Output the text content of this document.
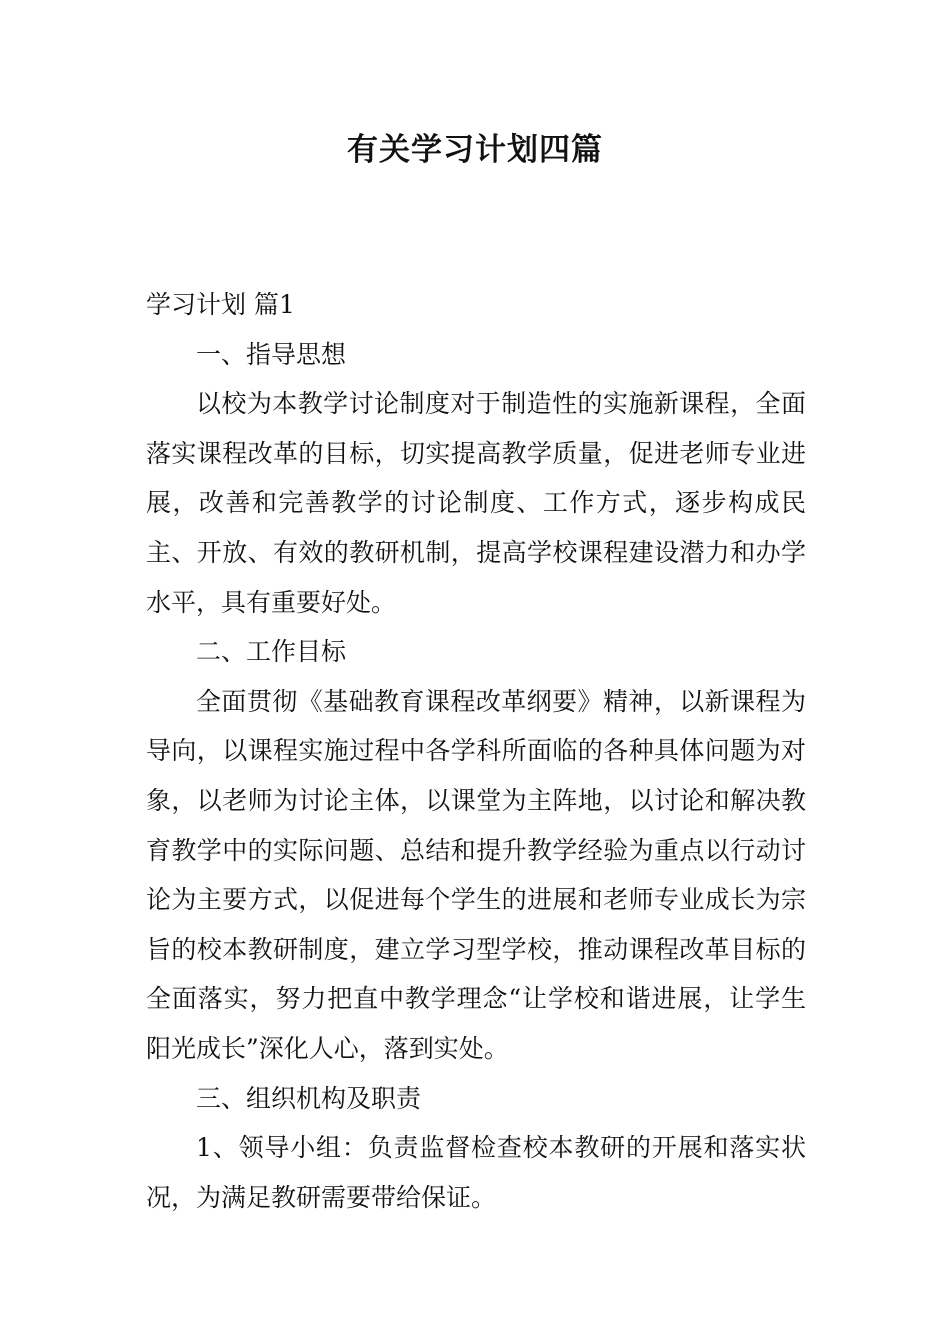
有关学习计划四篇

学习计划 篇1

一、指导思想

以校为本教学讨论制度对于制造性的实施新课程，全面落实课程改革的目标，切实提高教学质量，促进老师专业进展，改善和完善教学的讨论制度、工作方式，逐步构成民主、开放、有效的教研机制，提高学校课程建设潜力和办学水平，具有重要好处。

二、工作目标

全面贯彻《基础教育课程改革纲要》精神，以新课程为导向，以课程实施过程中各学科所面临的各种具体问题为对象，以老师为讨论主体，以课堂为主阵地，以讨论和解决教育教学中的实际问题、总结和提升教学经验为重点以行动讨论为主要方式，以促进每个学生的进展和老师专业成长为宗旨的校本教研制度，建立学习型学校，推动课程改革目标的全面落实，努力把直中教学理念“让学校和谐进展，让学生阳光成长”深化人心，落到实处。

三、组织机构及职责

1、领导小组：负责监督检查校本教研的开展和落实状况，为满足教研需要带给保证。
